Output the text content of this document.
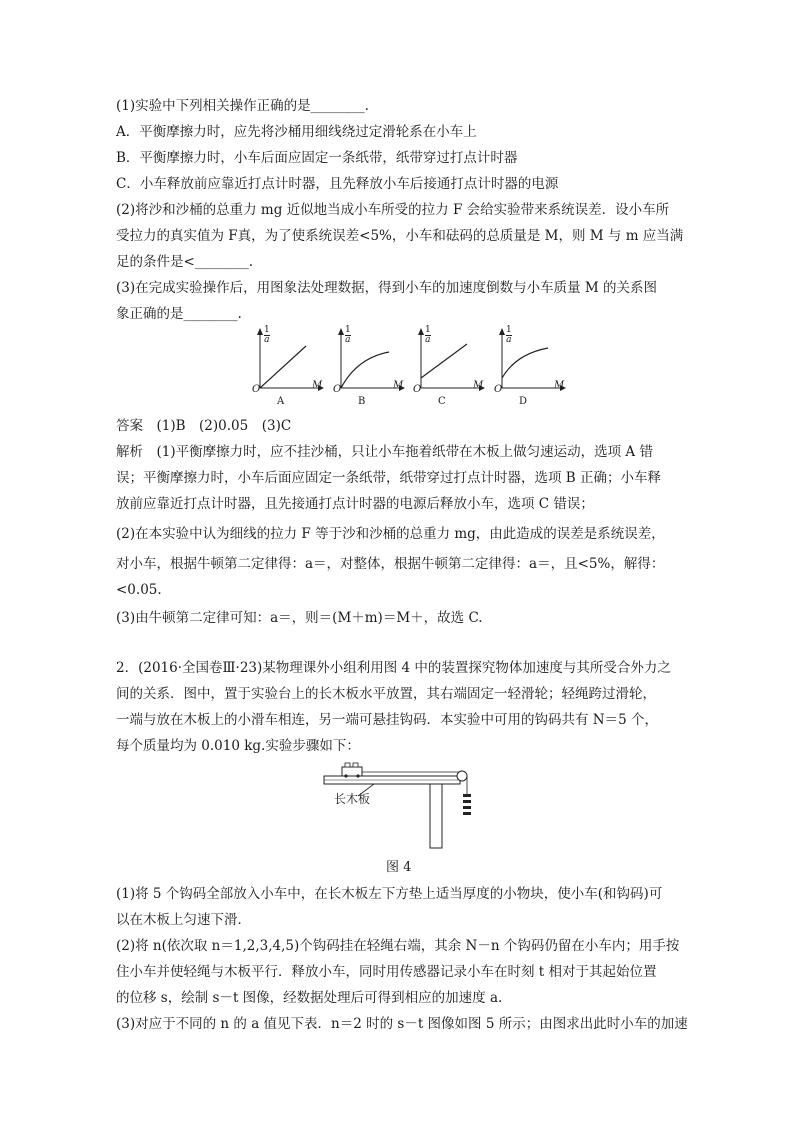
(1)实验中下列相关操作正确的是________.
A．平衡摩擦力时，应先将沙桶用细线绕过定滑轮系在小车上
B．平衡摩擦力时，小车后面应固定一条纸带，纸带穿过打点计时器
C．小车释放前应靠近打点计时器，且先释放小车后接通打点计时器的电源
(2)将沙和沙桶的总重力 mg 近似地当成小车所受的拉力 F 会给实验带来系统误差．设小车所
受拉力的真实值为 F真，为了使系统误差<5%，小车和砝码的总质量是 M，则 M 与 m 应当满
足的条件是<________.
(3)在完成实验操作后，用图象法处理数据，得到小车的加速度倒数与小车质量 M 的关系图
象正确的是________.
$\frac{1}{a}$	$\frac{1}{a}$	$\frac{1}{a}$	$\frac{1}{a}$
O	M O	M O	M O	M
A	B	C	D
答案　(1)B　(2)0.05　(3)C
解析　(1)平衡摩擦力时，应不挂沙桶，只让小车拖着纸带在木板上做匀速运动，选项 A 错
误；平衡摩擦力时，小车后面应固定一条纸带，纸带穿过打点计时器，选项 B 正确；小车释
放前应靠近打点计时器，且先接通打点计时器的电源后释放小车，选项 C 错误；
(2)在本实验中认为细线的拉力 F 等于沙和沙桶的总重力 mg，由此造成的误差是系统误差，
对小车，根据牛顿第二定律得：a＝，对整体，根据牛顿第二定律得：a＝，且<5%，解得：
<0.05.
(3)由牛顿第二定律可知：a＝，则＝(M＋m)＝M＋，故选 C.
2．(2016·全国卷Ⅲ·23)某物理课外小组利用图 4 中的装置探究物体加速度与其所受合外力之
间的关系．图中，置于实验台上的长木板水平放置，其右端固定一轻滑轮；轻绳跨过滑轮，
一端与放在木板上的小滑车相连，另一端可悬挂钩码．本实验中可用的钩码共有 N＝5 个，
每个质量均为 0.010 kg.实验步骤如下：
长木板
图 4
(1)将 5 个钩码全部放入小车中，在长木板左下方垫上适当厚度的小物块，使小车(和钩码)可
以在木板上匀速下滑．
(2)将 n(依次取 n＝1,2,3,4,5)个钩码挂在轻绳右端，其余 N－n 个钩码仍留在小车内；用手按
住小车并使轻绳与木板平行．释放小车，同时用传感器记录小车在时刻 t 相对于其起始位置
的位移 s，绘制 s－t 图像，经数据处理后可得到相应的加速度 a.
(3)对应于不同的 n 的 a 值见下表．n＝2 时的 s－t 图像如图 5 所示；由图求出此时小车的加速
